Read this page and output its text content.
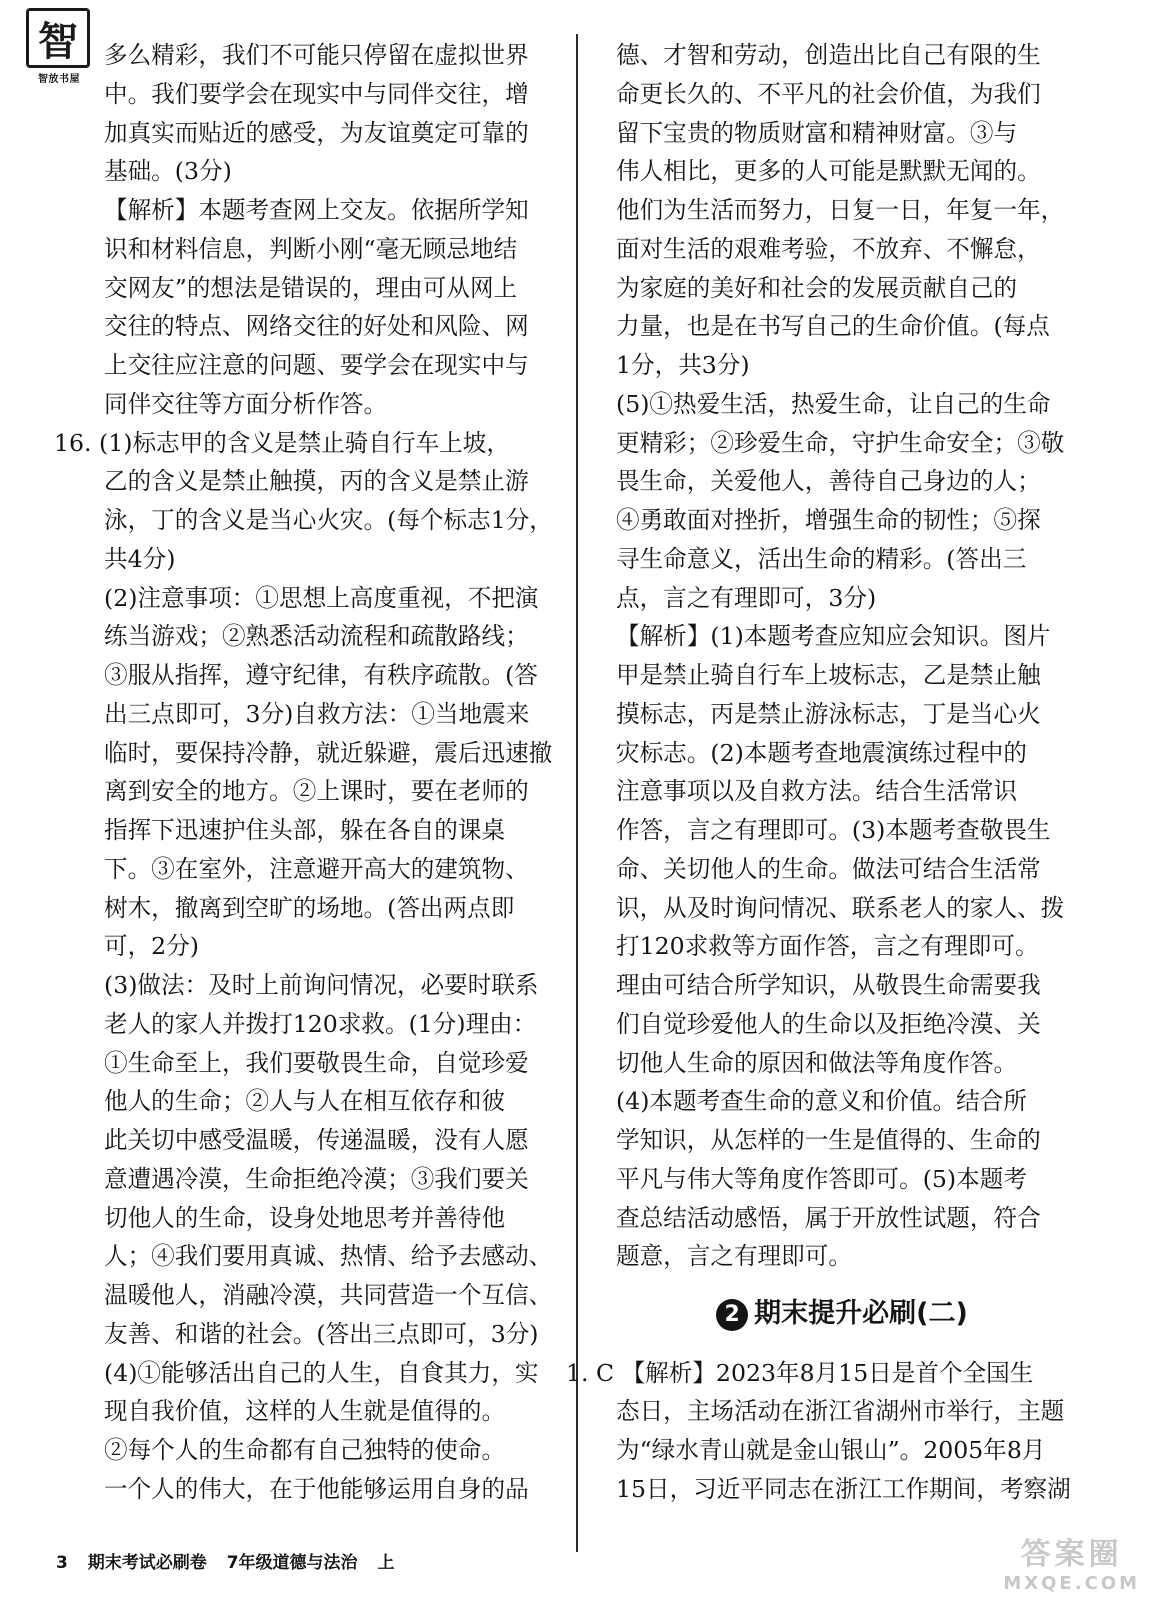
智
智放书屋
多么精彩，我们不可能只停留在虚拟世界
中。我们要学会在现实中与同伴交往，增
加真实而贴近的感受，为友谊奠定可靠的
基础。(3分)
【解析】本题考查网上交友。依据所学知
识和材料信息，判断小刚“毫无顾忌地结
交网友”的想法是错误的，理由可从网上
交往的特点、网络交往的好处和风险、网
上交往应注意的问题、要学会在现实中与
同伴交往等方面分析作答。
16. (1)标志甲的含义是禁止骑自行车上坡，
乙的含义是禁止触摸，丙的含义是禁止游
泳，丁的含义是当心火灾。(每个标志1分，
共4分)
(2)注意事项：①思想上高度重视，不把演
练当游戏；②熟悉活动流程和疏散路线；
③服从指挥，遵守纪律，有秩序疏散。(答
出三点即可，3分)自救方法：①当地震来
临时，要保持冷静，就近躲避，震后迅速撤
离到安全的地方。②上课时，要在老师的
指挥下迅速护住头部，躲在各自的课桌
下。③在室外，注意避开高大的建筑物、
树木，撤离到空旷的场地。(答出两点即
可，2分)
(3)做法：及时上前询问情况，必要时联系
老人的家人并拨打120求救。(1分)理由：
①生命至上，我们要敬畏生命，自觉珍爱
他人的生命；②人与人在相互依存和彼
此关切中感受温暖，传递温暖，没有人愿
意遭遇冷漠，生命拒绝冷漠；③我们要关
切他人的生命，设身处地思考并善待他
人；④我们要用真诚、热情、给予去感动、
温暖他人，消融冷漠，共同营造一个互信、
友善、和谐的社会。(答出三点即可，3分)
(4)①能够活出自己的人生，自食其力，实
现自我价值，这样的人生就是值得的。
②每个人的生命都有自己独特的使命。
一个人的伟大，在于他能够运用自身的品
德、才智和劳动，创造出比自己有限的生
命更长久的、不平凡的社会价值，为我们
留下宝贵的物质财富和精神财富。③与
伟人相比，更多的人可能是默默无闻的。
他们为生活而努力，日复一日，年复一年，
面对生活的艰难考验，不放弃、不懈怠，
为家庭的美好和社会的发展贡献自己的
力量，也是在书写自己的生命价值。(每点
1分，共3分)
(5)①热爱生活，热爱生命，让自己的生命
更精彩；②珍爱生命，守护生命安全；③敬
畏生命，关爱他人，善待自己身边的人；
④勇敢面对挫折，增强生命的韧性；⑤探
寻生命意义，活出生命的精彩。(答出三
点，言之有理即可，3分)
【解析】(1)本题考查应知应会知识。图片
甲是禁止骑自行车上坡标志，乙是禁止触
摸标志，丙是禁止游泳标志，丁是当心火
灾标志。(2)本题考查地震演练过程中的
注意事项以及自救方法。结合生活常识
作答，言之有理即可。(3)本题考查敬畏生
命、关切他人的生命。做法可结合生活常
识，从及时询问情况、联系老人的家人、拨
打120求救等方面作答，言之有理即可。
理由可结合所学知识，从敬畏生命需要我
们自觉珍爱他人的生命以及拒绝冷漠、关
切他人生命的原因和做法等角度作答。
(4)本题考查生命的意义和价值。结合所
学知识，从怎样的一生是值得的、生命的
平凡与伟大等角度作答即可。(5)本题考
查总结活动感悟，属于开放性试题，符合
题意，言之有理即可。
2 期末提升必刷(二)
1. C 【解析】2023年8月15日是首个全国生
态日，主场活动在浙江省湖州市举行，主题
为“绿水青山就是金山银山”。2005年8月
15日，习近平同志在浙江工作期间，考察湖
3 期末考试必刷卷 7年级道德与法治 上	答案圈
MXQE.COM
